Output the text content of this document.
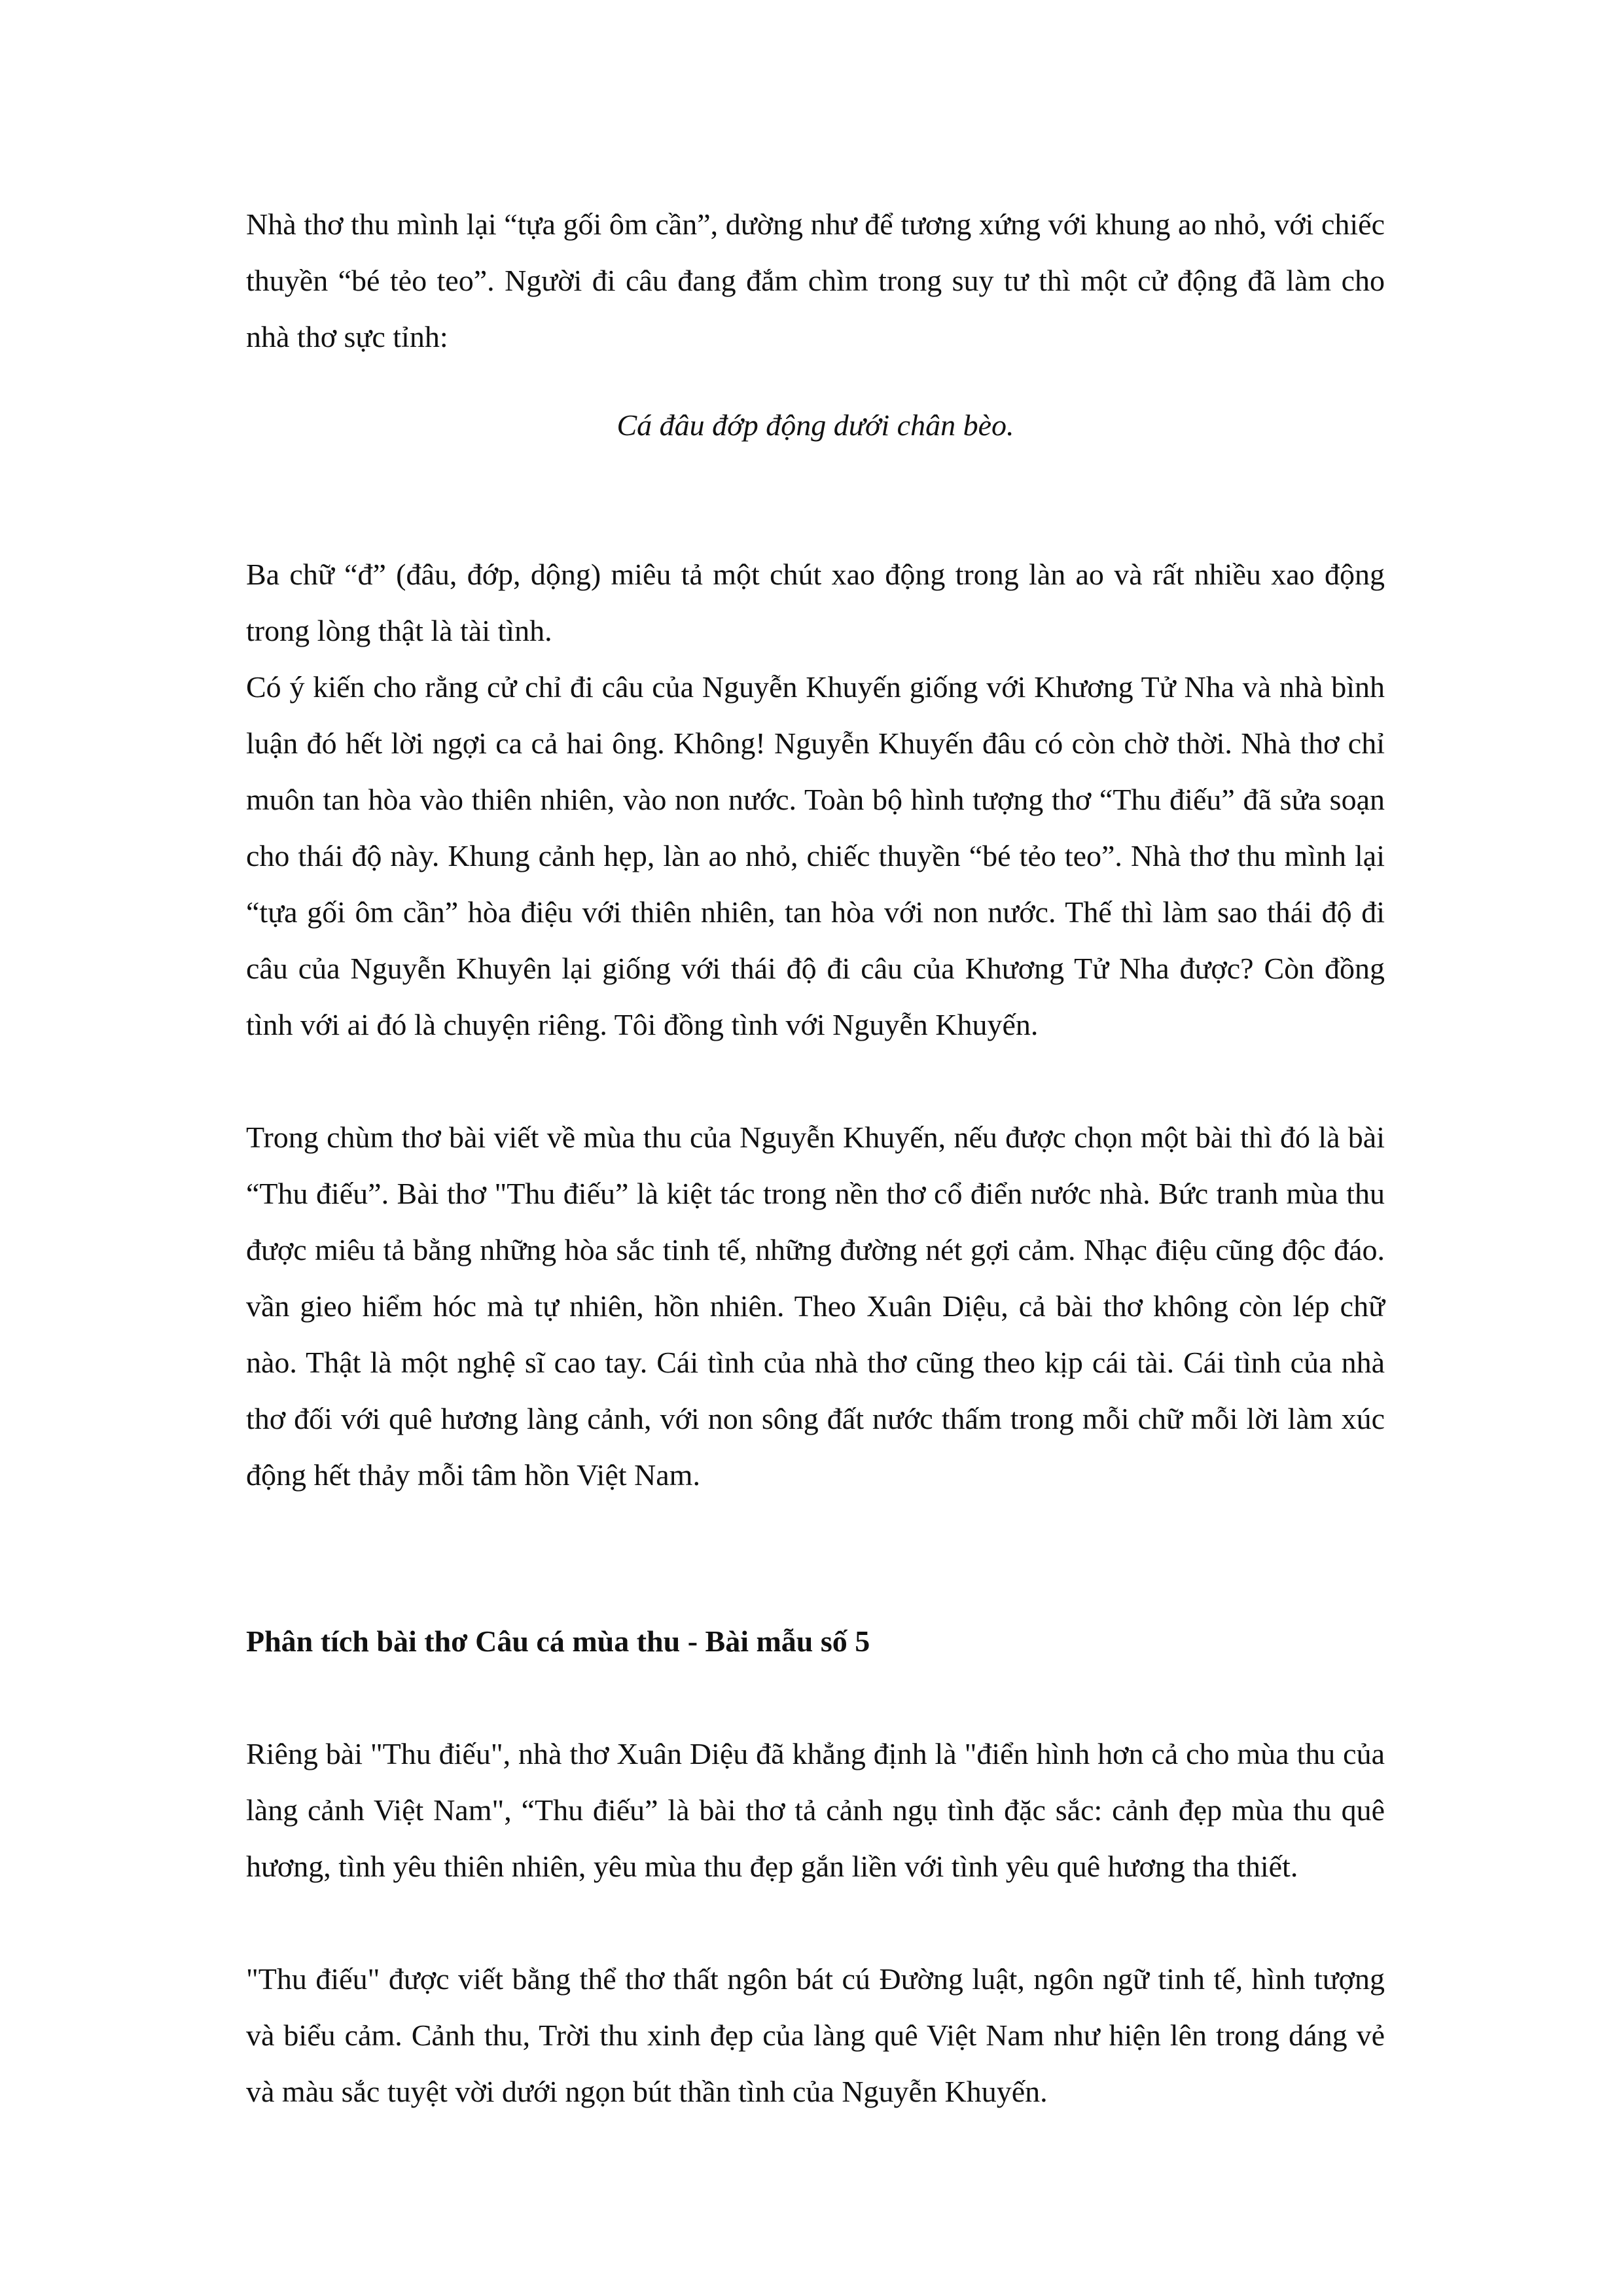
Nhà thơ thu mình lại “tựa gối ôm cần”, dường như để tương xứng với khung ao nhỏ, với chiếc thuyền “bé tẻo teo”. Người đi câu đang đắm chìm trong suy tư thì một cử động đã làm cho nhà thơ sực tỉnh:

Cá đâu đớp động dưới chân bèo.

Ba chữ “đ” (đâu, đớp, dộng) miêu tả một chút xao động trong làn ao và rất nhiều xao động trong lòng thật là tài tình.

Có ý kiến cho rằng cử chỉ đi câu của Nguyễn Khuyến giống với Khương Tử Nha và nhà bình luận đó hết lời ngợi ca cả hai ông. Không! Nguyễn Khuyến đâu có còn chờ thời. Nhà thơ chỉ muôn tan hòa vào thiên nhiên, vào non nước. Toàn bộ hình tượng thơ “Thu điếu” đã sửa soạn cho thái độ này. Khung cảnh hẹp, làn ao nhỏ, chiếc thuyền “bé tẻo teo”. Nhà thơ thu mình lại “tựa gối ôm cần” hòa điệu với thiên nhiên, tan hòa với non nước. Thế thì làm sao thái độ đi câu của Nguyễn Khuyên lại giống với thái độ đi câu của Khương Tử Nha được? Còn đồng tình với ai đó là chuyện riêng. Tôi đồng tình với Nguyễn Khuyến.

Trong chùm thơ bài viết về mùa thu của Nguyễn Khuyến, nếu được chọn một bài thì đó là bài “Thu điếu”. Bài thơ "Thu điếu” là kiệt tác trong nền thơ cổ điển nước nhà. Bức tranh mùa thu được miêu tả bằng những hòa sắc tinh tế, những đường nét gợi cảm. Nhạc điệu cũng độc đáo. vần gieo hiểm hóc mà tự nhiên, hồn nhiên. Theo Xuân Diệu, cả bài thơ không còn lép chữ nào. Thật là một nghệ sĩ cao tay. Cái tình của nhà thơ cũng theo kịp cái tài. Cái tình của nhà thơ đối với quê hương làng cảnh, với non sông đất nước thấm trong mỗi chữ mỗi lời làm xúc động hết thảy mỗi tâm hồn Việt Nam.

Phân tích bài thơ Câu cá mùa thu - Bài mẫu số 5

Riêng bài "Thu điếu", nhà thơ Xuân Diệu đã khẳng định là "điển hình hơn cả cho mùa thu của làng cảnh Việt Nam", “Thu điếu” là bài thơ tả cảnh ngụ tình đặc sắc: cảnh đẹp mùa thu quê hương, tình yêu thiên nhiên, yêu mùa thu đẹp gắn liền với tình yêu quê hương tha thiết.

"Thu điếu" được viết bằng thể thơ thất ngôn bát cú Đường luật, ngôn ngữ tinh tế, hình tượng và biểu cảm. Cảnh thu, Trời thu xinh đẹp của làng quê Việt Nam như hiện lên trong dáng vẻ và màu sắc tuyệt vời dưới ngọn bút thần tình của Nguyễn Khuyến.
